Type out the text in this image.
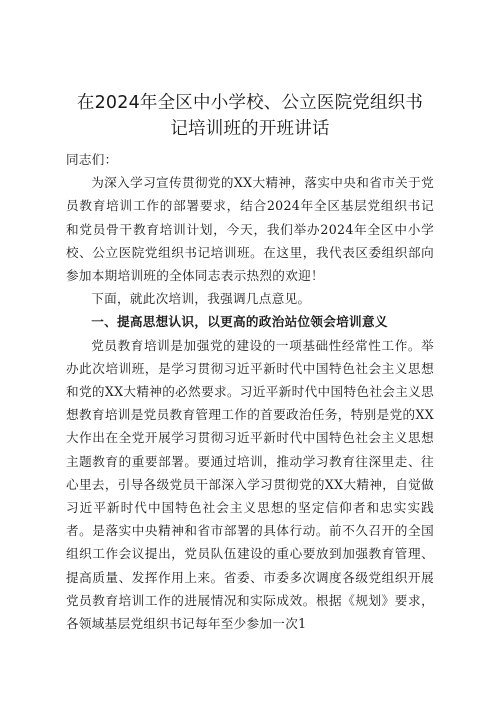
在2024年全区中小学校、公立医院党组织书
记培训班的开班讲话

同志们：

为深入学习宣传贯彻党的XX大精神，落实中央和省市关于党员教育培训工作的部署要求，结合2024年全区基层党组织书记和党员骨干教育培训计划，今天，我们举办2024年全区中小学校、公立医院党组织书记培训班。在这里，我代表区委组织部向参加本期培训班的全体同志表示热烈的欢迎！

下面，就此次培训，我强调几点意见。

一、提高思想认识，以更高的政治站位领会培训意义

党员教育培训是加强党的建设的一项基础性经常性工作。举办此次培训班，是学习贯彻习近平新时代中国特色社会主义思想和党的XX大精神的必然要求。习近平新时代中国特色社会主义思想教育培训是党员教育管理工作的首要政治任务，特别是党的XX大作出在全党开展学习贯彻习近平新时代中国特色社会主义思想主题教育的重要部署。要通过培训，推动学习教育往深里走、往心里去，引导各级党员干部深入学习贯彻党的XX大精神，自觉做习近平新时代中国特色社会主义思想的坚定信仰者和忠实实践者。是落实中央精神和省市部署的具体行动。前不久召开的全国组织工作会议提出，党员队伍建设的重心要放到加强教育管理、提高质量、发挥作用上来。省委、市委多次调度各级党组织开展党员教育培训工作的进展情况和实际成效。根据《规划》要求，各领域基层党组织书记每年至少参加一次1
